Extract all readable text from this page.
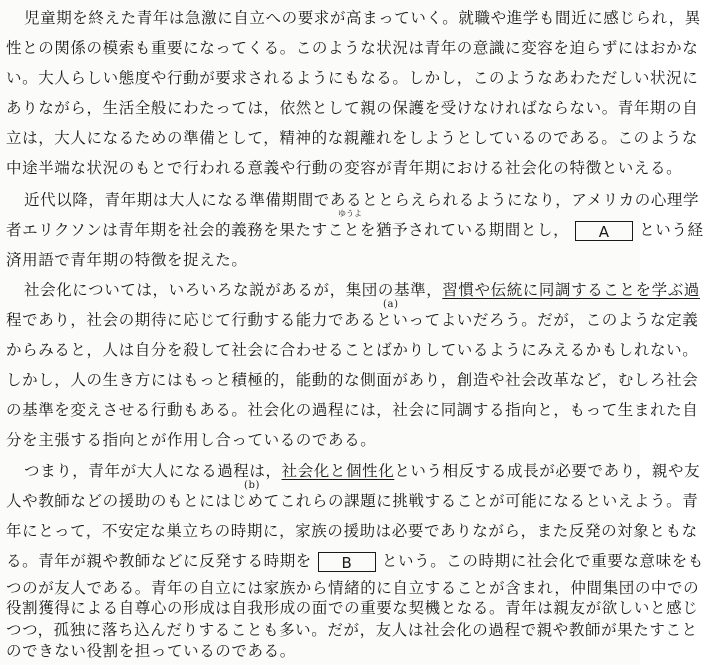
児童期を終えた青年は急激に自立への要求が高まっていく。就職や進学も間近に感じられ，異
性との関係の模索も重要になってくる。このような状況は青年の意識に変容を迫らずにはおかな
い。大人らしい態度や行動が要求されるようにもなる。しかし，このようなあわただしい状況に
ありながら，生活全般にわたっては，依然として親の保護を受けなければならない。青年期の自
立は，大人になるための準備として，精神的な親離れをしようとしているのである。このような
中途半端な状況のもとで行われる意義や行動の変容が青年期における社会化の特徴といえる。
近代以降，青年期は大人になる準備期間であるととらえられるようになり，アメリカの心理学
者エリクソンは青年期を社会的義務を果たすことを猶予されている期間とし， A という経
ゆうよ
済用語で青年期の特徴を捉えた。
社会化については，いろいろな説があるが，集団の基準，習慣や伝統に同調することを学ぶ過
(a)
程であり，社会の期待に応じて行動する能力であるといってよいだろう。だが，このような定義
からみると，人は自分を殺して社会に合わせることばかりしているようにみえるかもしれない。
しかし，人の生き方にはもっと積極的，能動的な側面があり，創造や社会改革など，むしろ社会
の基準を変えさせる行動もある。社会化の過程には，社会に同調する指向と，もって生まれた自
分を主張する指向とが作用し合っているのである。
つまり，青年が大人になる過程は，社会化と個性化という相反する成長が必要であり，親や友
(b)
人や教師などの援助のもとにはじめてこれらの課題に挑戦することが可能になるといえよう。青
年にとって，不安定な巣立ちの時期に，家族の援助は必要でありながら，また反発の対象ともな
る。青年が親や教師などに反発する時期を B という。この時期に社会化で重要な意味をも
つのが友人である。青年の自立には家族から情緒的に自立することが含まれ，仲間集団の中での
役割獲得による自尊心の形成は自我形成の面での重要な契機となる。青年は親友が欲しいと感じ
つつ，孤独に落ち込んだりすることも多い。だが，友人は社会化の過程で親や教師が果たすこと
のできない役割を担っているのである。
